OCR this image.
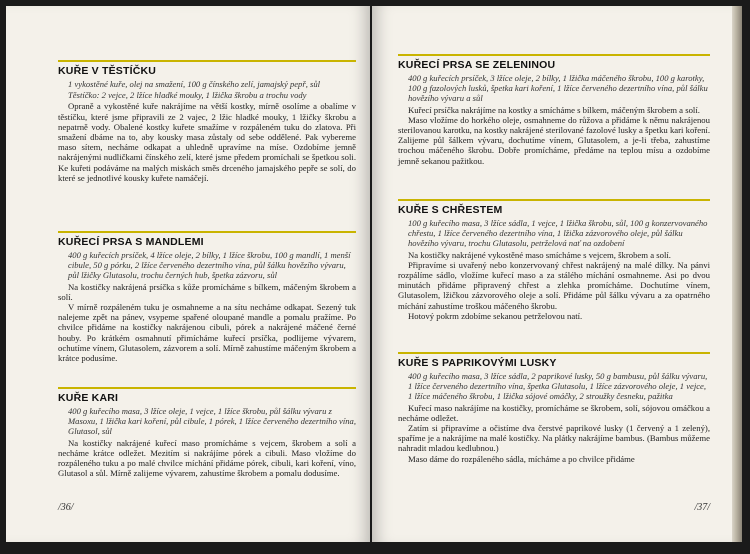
KUŘE V TĚSTÍČKU
1 vykostěné kuře, olej na smažení, 100 g čínského zelí, jamajský pepř, sůl
Těstíčko: 2 vejce, 2 lžíce hladké mouky, 1 lžička škrobu a trochu vody

Opraně a vykostěné kuře nakrájíme na větší kostky, mírně osolíme a obalíme v těstíčku, které jsme připravili ze 2 vajec, 2 lžic hladké mouky, 1 lžičky škrobu a nepatrně vody. Obalené kostky kuřete smažíme v rozpáleném tuku do zlatova. Při smažení dbáme na to, aby kousky masa zůstaly od sebe oddělené. Pak vybereme maso sítem, necháme odkapat a uhledně upravíme na míse. Ozdobíme jemně nakrájenými nudličkami čínského zelí, které jsme předem promíchali se špetkou soli. Ke kuřeti podáváme na malých miskách směs drceného jamajského pepře se solí, do které se jednotlivé kousky kuřete namáčejí.

KUŘECÍ PRSA S MANDLEMI
400 g kuřecích prsíček, 4 lžíce oleje, 2 bílky, 1 lžíce škrobu, 100 g mandlí, 1 menší cibule, 50 g pórku, 2 lžíce červeného dezertního vína, půl šálku hovězího vývaru, půl lžičky Glutasolu, trochu černých hub, špetka zázvoru, sůl

Na kostičky nakrájená prsíčka s kůže promícháme s bílkem, máčeným škrobem a solí.

V mírně rozpáleném tuku je osmahneme a na sítu necháme odkapat. Sezený tuk nalejeme zpět na pánev, vsypeme spařené oloupané mandle a pomalu pražíme. Po chvilce přidáme na kostičky nakrájenou cibuli, pórek a nakrájené máčené černé houby. Po krátkém osmahnutí přimícháme kuřecí prsíčka, podlijeme vývarem, ochutíme vínem, Glutasolem, zázvorem a solí. Mírně zahustíme máčeným škrobem a krátce podusíme.

KUŘE KARI
400 g kuřecího masa, 3 lžíce oleje, 1 vejce, 1 lžíce škrobu, půl šálku vývaru z Masoxu, 1 lžička kari koření, půl cibule, 1 pórek, 1 lžíce červeného dezertního vína, Glutasol, sůl

Na kostičky nakrájené kuřecí maso promícháme s vejcem, škrobem a solí a necháme krátce odležet. Mezitím si nakrájíme pórek a cibuli. Maso vložíme do rozpáleného tuku a po malé chvilce míchání přidáme pórek, cibuli, kari koření, víno, Glutasol a sůl. Mírně zalijeme vývarem, zahustíme škrobem a pomalu dodusíme.

/36/
KUŘECÍ PRSA SE ZELENINOU
400 g kuřecích prsíček, 3 lžíce oleje, 2 bílky, 1 lžička máčeného škrobu, 100 g karotky, 100 g fazolových lusků, špetka kari koření, 1 lžíce červeného dezertního vína, půl šálku hovězího vývaru a sůl

Kuřecí prsíčka nakrájíme na kostky a smícháme s bílkem, máčeným škrobem a solí.

Maso vložíme do horkého oleje, osmahneme do růžova a přidáme k němu nakrájenou sterilovanou karotku, na kostky nakrájené sterilované fazolové lusky a špetku kari koření. Zalijeme půl šálkem vývaru, dochutíme vínem, Glutasolem, a je-li třeba, zahustíme trochou máčeného škrobu. Dobře promícháme, předáme na teplou mísu a ozdobíme jemně sekanou pažitkou.

KUŘE S CHŘESTEM
100 g kuřecího masa, 3 lžíce sádla, 1 vejce, 1 lžička škrobu, sůl, 100 g konzervovaného chřestu, 1 lžíce červeného dezertního vína, 1 lžička zázvorového oleje, půl šálku hovězího vývaru, trochu Glutasolu, petrželová nať na ozdobení

Na kostičky nakrájené vykostěné maso smícháme s vejcem, škrobem a solí.

Připravíme si uvařený nebo konzervovaný chřest nakrájený na malé dílky. Na pánvi rozpálíme sádlo, vložíme kuřecí maso a za stálého míchání osmahneme. Asi po dvou minutách přidáme připravený chřest a zlehka promícháme. Dochutíme vínem, Glutasolem, lžičkou zázvorového oleje a solí. Přidáme půl šálku vývaru a za opatrného míchání zahustíme troškou máčeného škrobu.

Hotový pokrm zdobíme sekanou petrželovou natí.

KUŘE S PAPRIKOVÝMI LUSKY
400 g kuřecího masa, 3 lžíce sádla, 2 paprikové lusky, 50 g bambusu, půl šálku vývaru, 1 lžíce červeného dezertního vína, špetka Glutasolu, 1 lžíce zázvorového oleje, 1 vejce, 1 lžíce máčeného škrobu, 1 lžička sójové omáčky, 2 stroužky česneku, pažitka

Kuřecí maso nakrájíme na kostičky, promícháme se škrobem, solí, sójovou omáčkou a necháme odležet.

Zatím si připravíme a očistíme dva čerstvé paprikové lusky (1 červený a 1 zelený), spaříme je a nakrájíme na malé kostičky. Na plátky nakrájíme bambus. (Bambus můžeme nahradit mladou kedlubnou.)

Maso dáme do rozpáleného sádla, mícháme a po chvilce přidáme

/37/
